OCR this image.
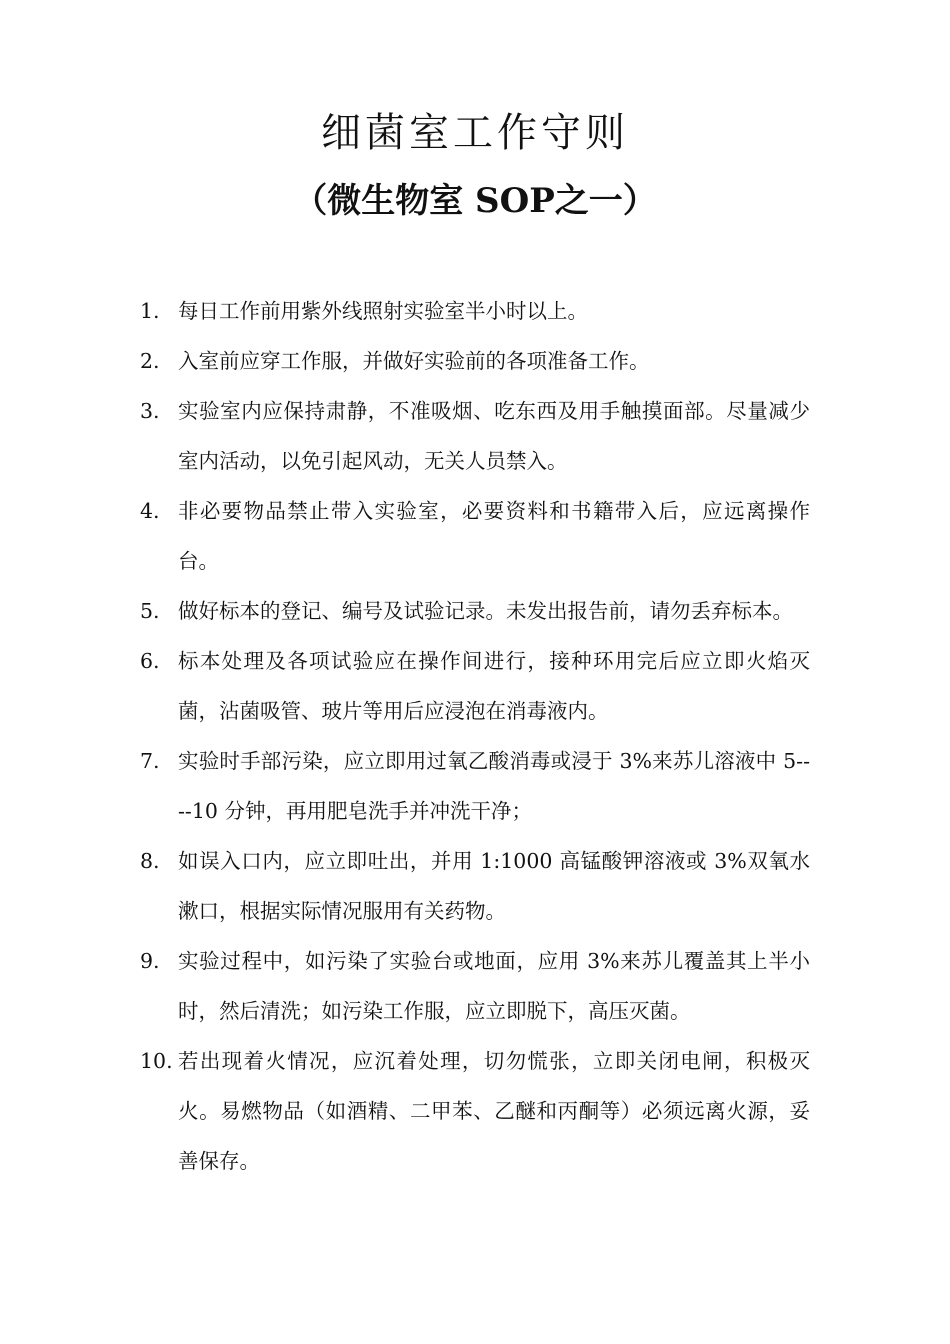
细菌室工作守则
（微生物室 SOP之一）
1. 每日工作前用紫外线照射实验室半小时以上。
2. 入室前应穿工作服，并做好实验前的各项准备工作。
3. 实验室内应保持肃静，不准吸烟、吃东西及用手触摸面部。尽量减少室内活动，以免引起风动，无关人员禁入。
4. 非必要物品禁止带入实验室，必要资料和书籍带入后，应远离操作台。
5. 做好标本的登记、编号及试验记录。未发出报告前，请勿丢弃标本。
6. 标本处理及各项试验应在操作间进行，接种环用完后应立即火焰灭菌，沾菌吸管、玻片等用后应浸泡在消毒液内。
7. 实验时手部污染，应立即用过氧乙酸消毒或浸于 3%来苏儿溶液中 5----10 分钟，再用肥皂洗手并冲洗干净；
8. 如误入口内，应立即吐出，并用 1:1000 高锰酸钾溶液或 3%双氧水漱口，根据实际情况服用有关药物。
9. 实验过程中，如污染了实验台或地面，应用 3%来苏儿覆盖其上半小时，然后清洗；如污染工作服，应立即脱下，高压灭菌。
10. 若出现着火情况，应沉着处理，切勿慌张，立即关闭电闸，积极灭火。易燃物品（如酒精、二甲苯、乙醚和丙酮等）必须远离火源，妥善保存。
